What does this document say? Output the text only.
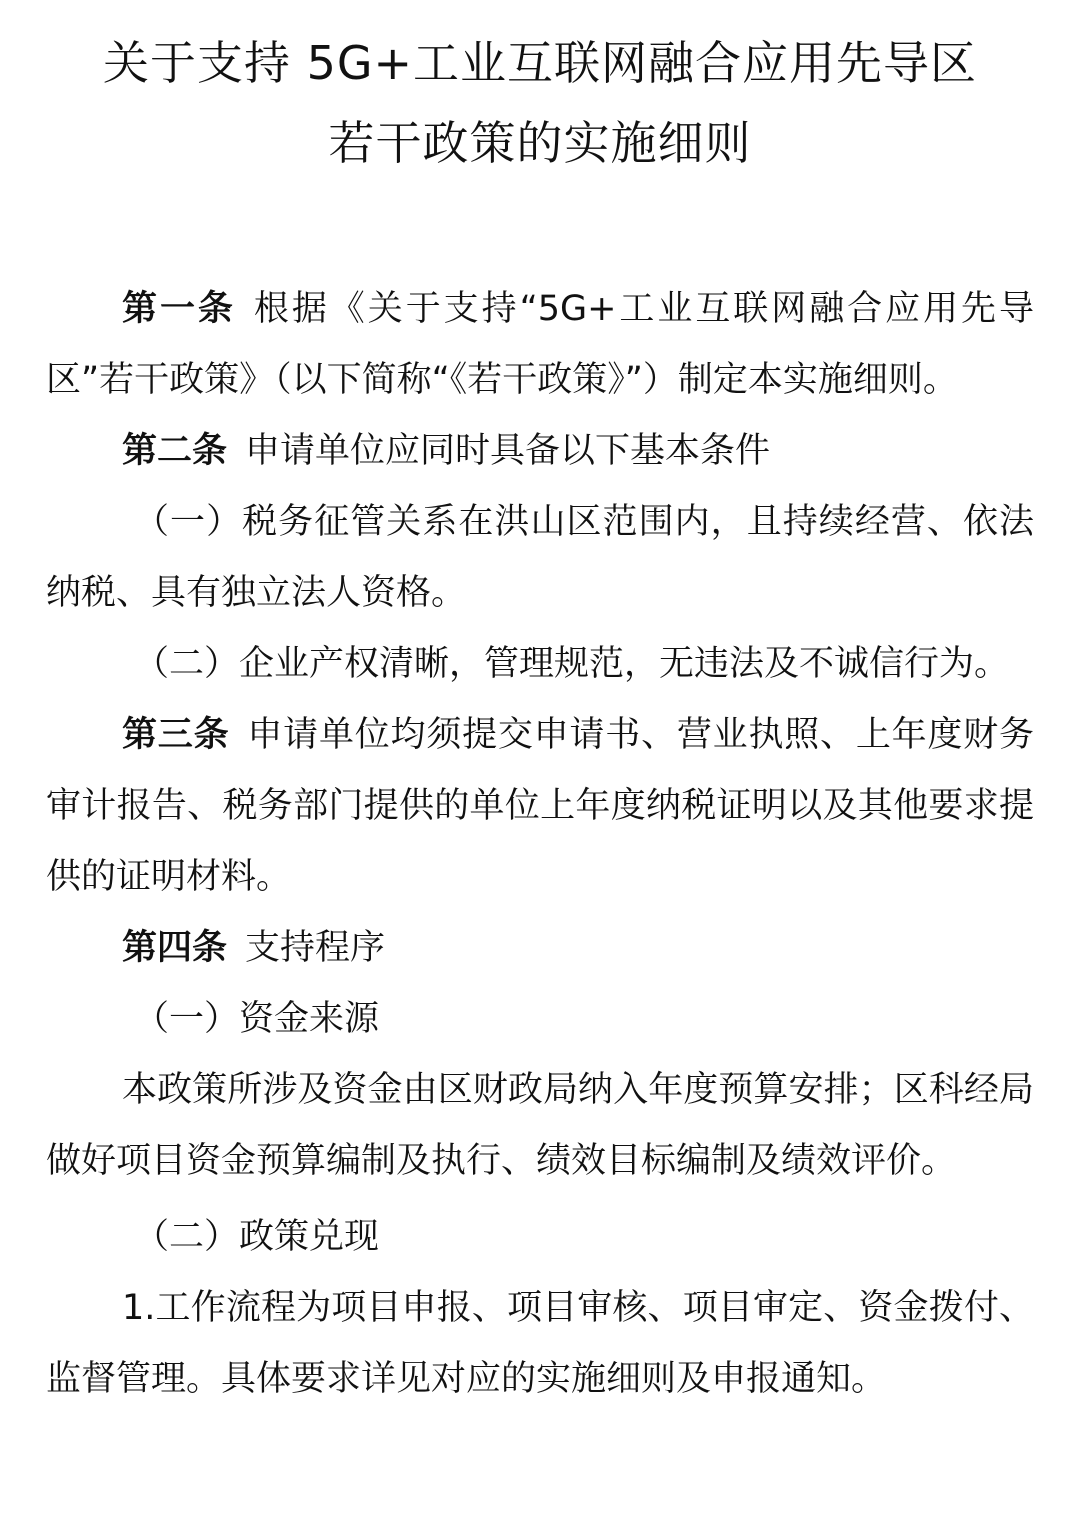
关于支持 5G+工业互联网融合应用先导区
若干政策的实施细则

第一条 根据《关于支持“5G+工业互联网融合应用先导区”若干政策》（以下简称“《若干政策》”）制定本实施细则。

第二条 申请单位应同时具备以下基本条件

（一）税务征管关系在洪山区范围内，且持续经营、依法纳税、具有独立法人资格。

（二）企业产权清晰，管理规范，无违法及不诚信行为。

第三条 申请单位均须提交申请书、营业执照、上年度财务审计报告、税务部门提供的单位上年度纳税证明以及其他要求提供的证明材料。

第四条 支持程序

（一）资金来源

本政策所涉及资金由区财政局纳入年度预算安排；区科经局做好项目资金预算编制及执行、绩效目标编制及绩效评价。

（二）政策兑现

1.工作流程为项目申报、项目审核、项目审定、资金拨付、监督管理。具体要求详见对应的实施细则及申报通知。
